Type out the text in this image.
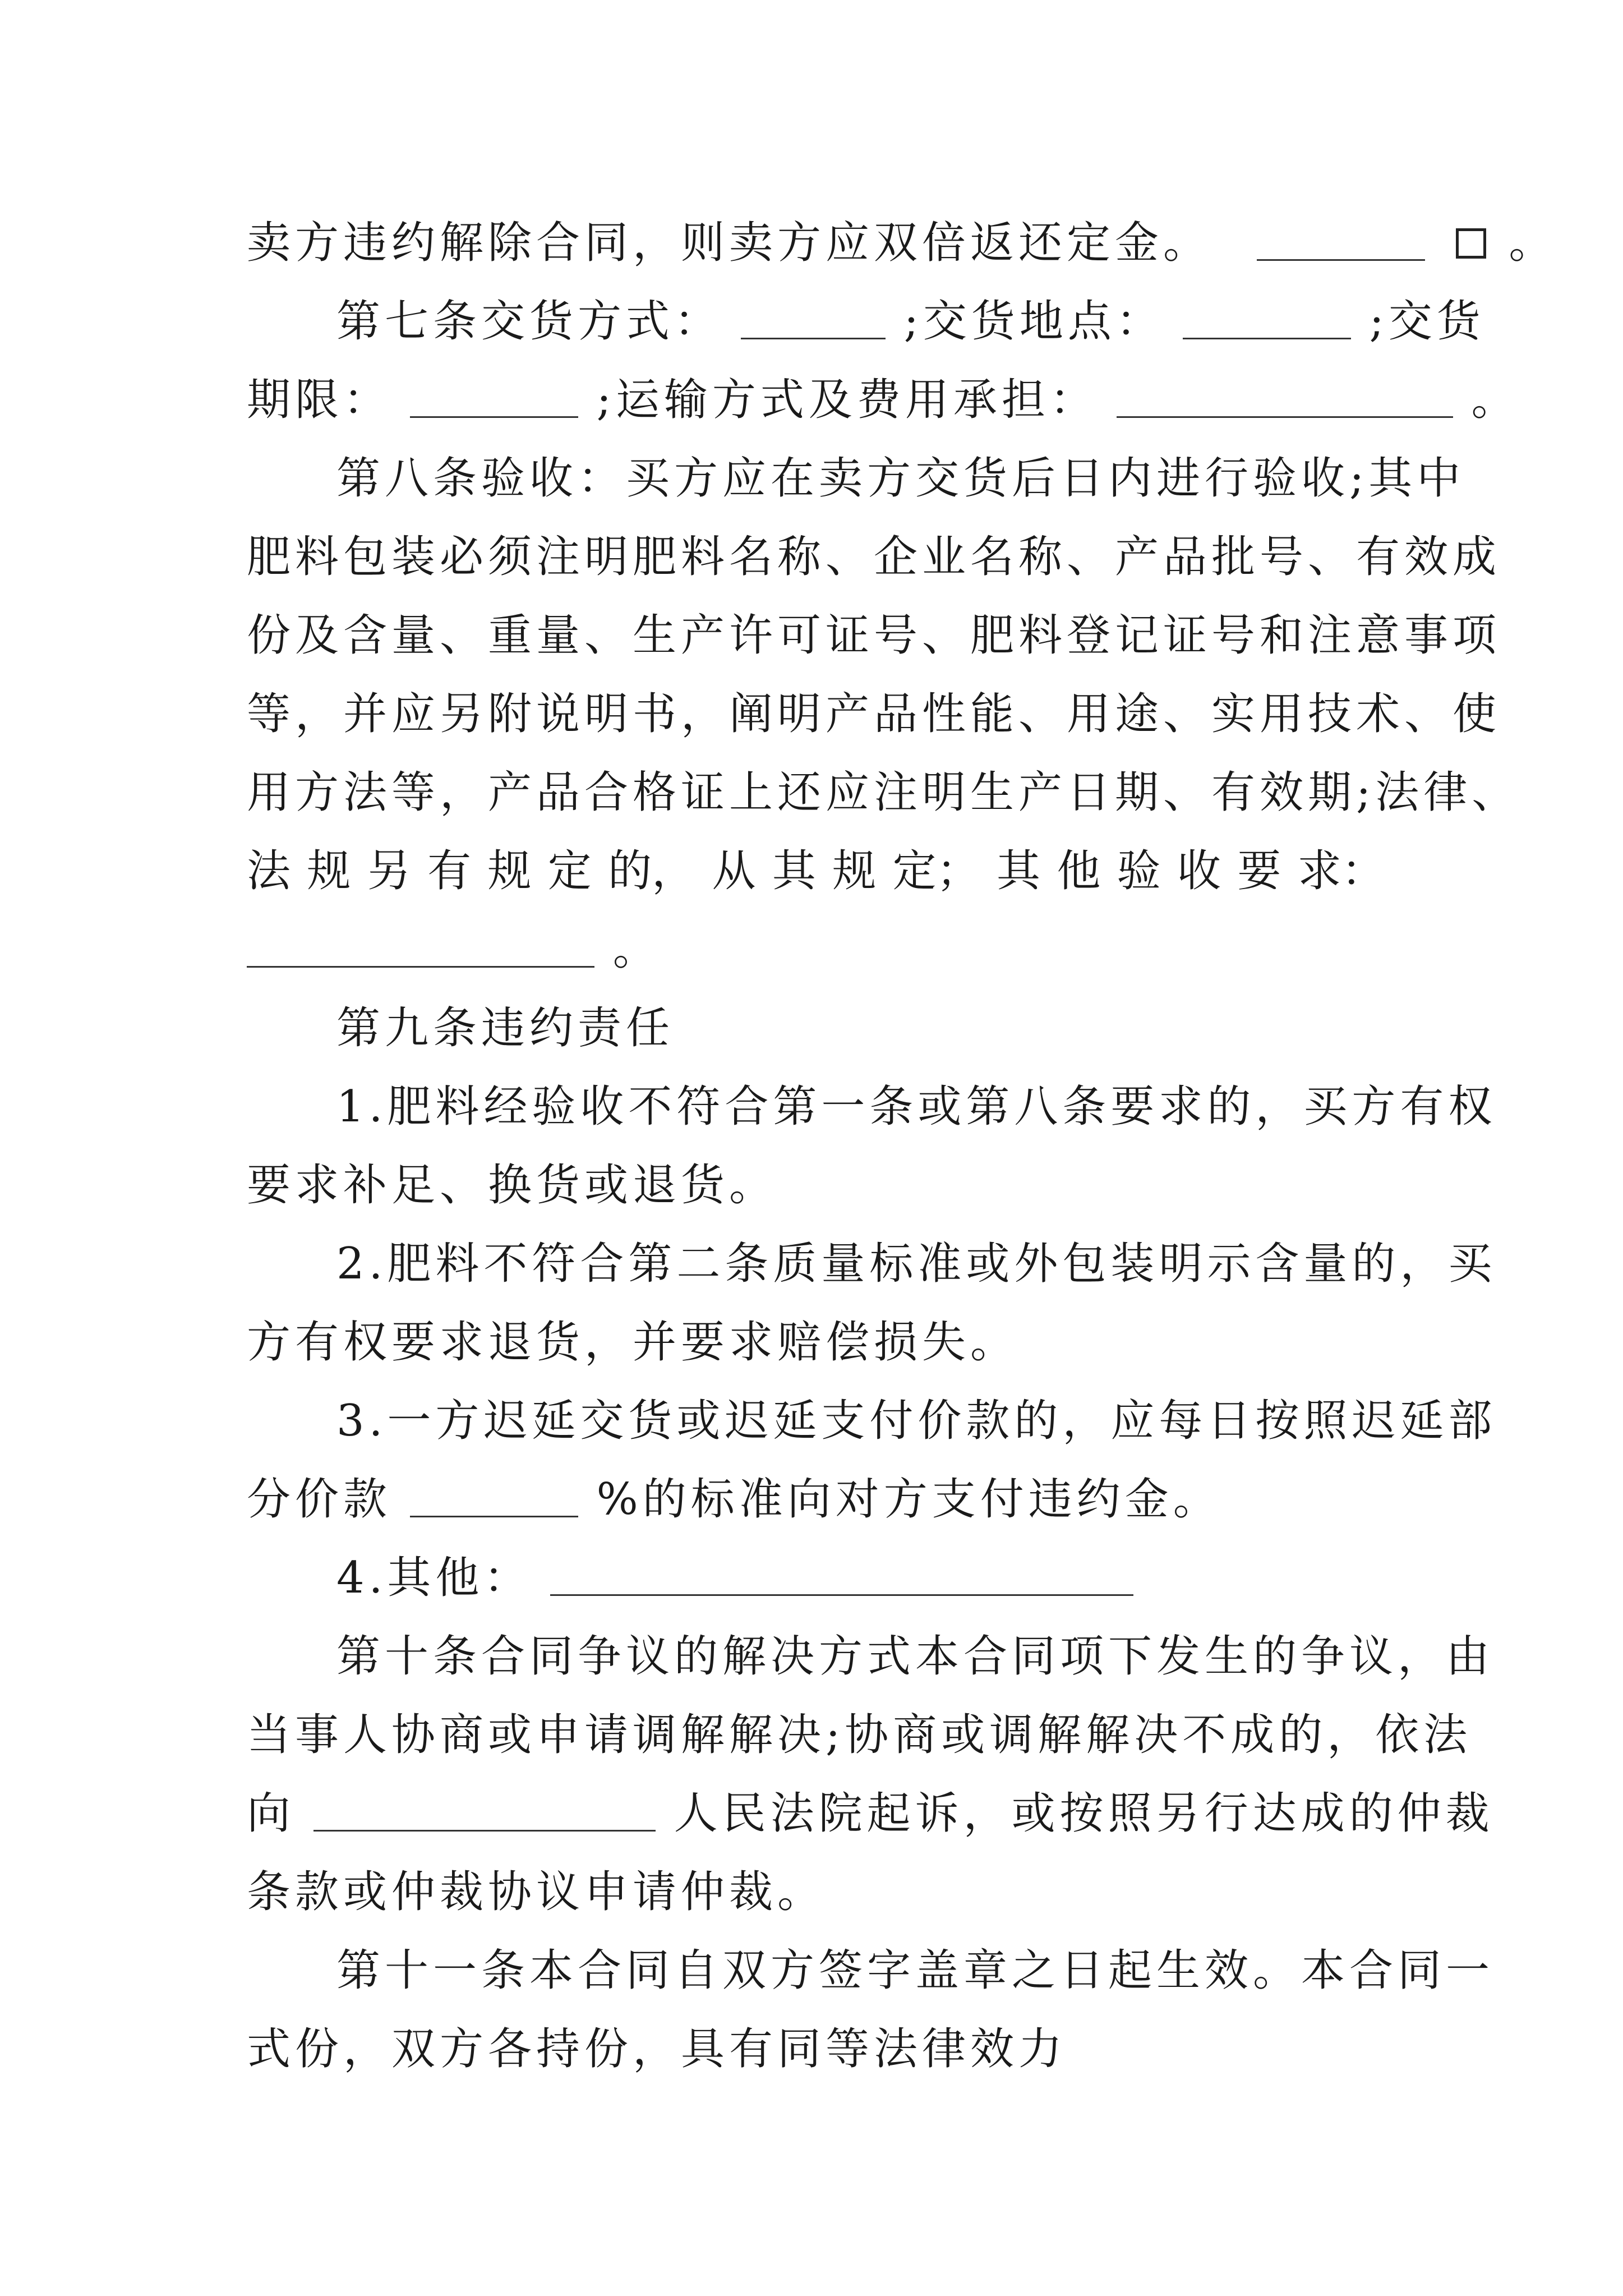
卖方违约解除合同，则卖方应双倍返还定金。	。
第七条交货方式：	;交货地点：	;交货
期限：	;运输方式及费用承担：	。
第八条验收：买方应在卖方交货后日内进行验收;其中
肥料包装必须注明肥料名称、企业名称、产品批号、有效成
份及含量、重量、生产许可证号、肥料登记证号和注意事项
等，并应另附说明书，阐明产品性能、用途、实用技术、使
用方法等，产品合格证上还应注明生产日期、有效期;法律、
法 规 另 有 规 定 的， 从 其 规 定； 其 他 验 收 要 求：
。
第九条违约责任
1.肥料经验收不符合第一条或第八条要求的，买方有权
要求补足、换货或退货。
2.肥料不符合第二条质量标准或外包装明示含量的，买
方有权要求退货，并要求赔偿损失。
3.一方迟延交货或迟延支付价款的，应每日按照迟延部
分价款	%的标准向对方支付违约金。
4.其他：
第十条合同争议的解决方式本合同项下发生的争议，由
当事人协商或申请调解解决;协商或调解解决不成的，依法
向	人民法院起诉，或按照另行达成的仲裁
条款或仲裁协议申请仲裁。
第十一条本合同自双方签字盖章之日起生效。本合同一
式份，双方各持份，具有同等法律效力
